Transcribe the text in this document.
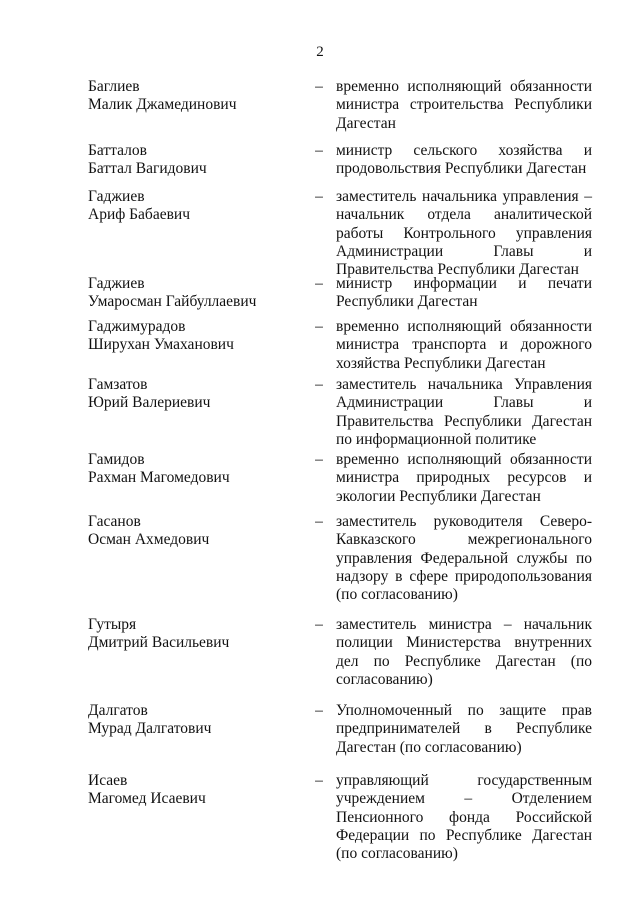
2
Баглиев
Малик Джамединович
– временно исполняющий обязанности министра строительства Республики Дагестан
Батталов
Баттал Вагидович
– министр сельского хозяйства и продовольствия Республики Дагестан
Гаджиев
Ариф Бабаевич
– заместитель начальника управления – начальник отдела аналитической работы Контрольного управления Администрации Главы и Правительства Республики Дагестан
Гаджиев
Умаросман Гайбуллаевич
– министр информации и печати Республики Дагестан
Гаджимурадов
Ширухан Умаханович
– временно исполняющий обязанности министра транспорта и дорожного хозяйства Республики Дагестан
Гамзатов
Юрий Валериевич
– заместитель начальника Управления Администрации Главы и Правительства Республики Дагестан по информационной политике
Гамидов
Рахман Магомедович
– временно исполняющий обязанности министра природных ресурсов и экологии Республики Дагестан
Гасанов
Осман Ахмедович
– заместитель руководителя Северо-Кавказского межрегионального управления Федеральной службы по надзору в сфере природопользования (по согласованию)
Гутыря
Дмитрий Васильевич
– заместитель министра – начальник полиции Министерства внутренних дел по Республике Дагестан (по согласованию)
Далгатов
Мурад Далгатович
– Уполномоченный по защите прав предпринимателей в Республике Дагестан (по согласованию)
Исаев
Магомед Исаевич
– управляющий государственным учреждением – Отделением Пенсионного фонда Российской Федерации по Республике Дагестан (по согласованию)
